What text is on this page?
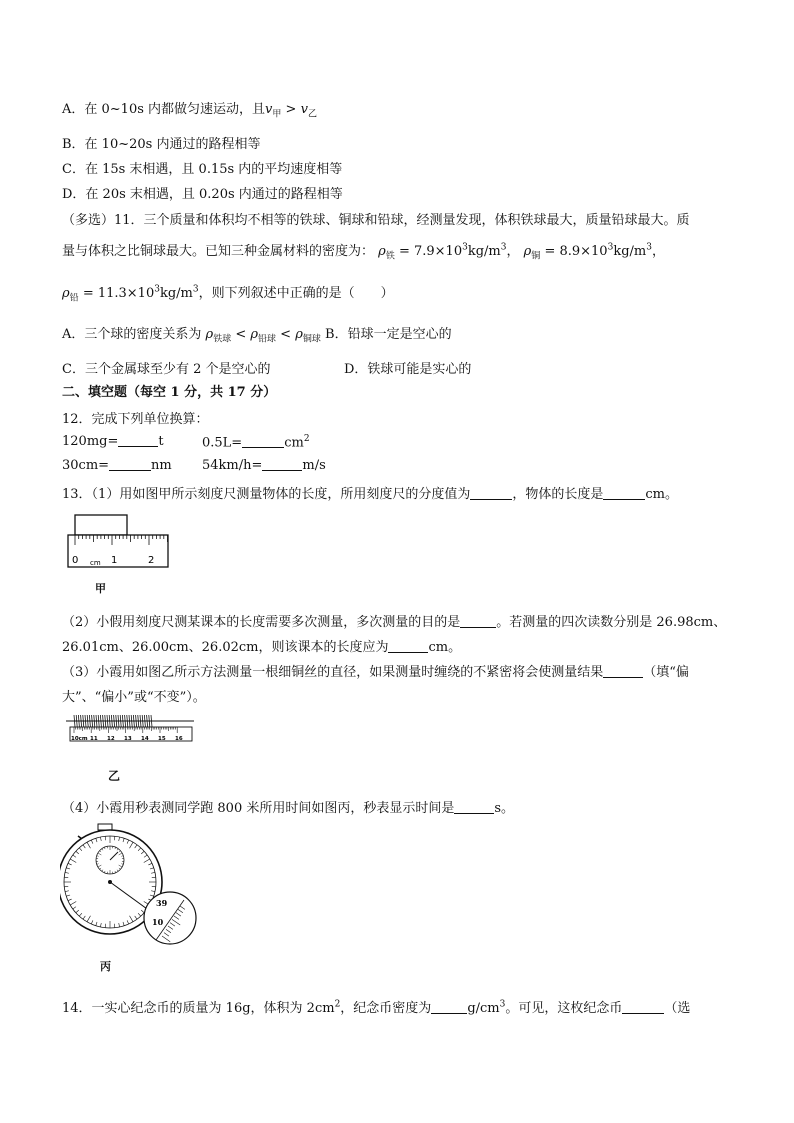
A．在 0~10s 内都做匀速运动，且$v_甲 > v_乙$
B．在 10~20s 内通过的路程相等
C．在 15s 末相遇，且 0.15s 内的平均速度相等
D．在 20s 末相遇，且 0.20s 内通过的路程相等
（多选）11．三个质量和体积均不相等的铁球、铜球和铅球，经测量发现，体积铁球最大，质量铅球最大。质
量与体积之比铜球最大。已知三种金属材料的密度为： $\rho_铁 = 7.9\times 10^3kg/m^3$， $\rho_铜 = 8.9\times 10^3kg/m^3$，
$\rho_铅 = 11.3\times 10^3kg/m^3$，则下列叙述中正确的是（　　）
A．三个球的密度关系为 $\rho_{铁球} < \rho_{铅球} < \rho_{铜球}$ B．铅球一定是空心的
C．三个金属球至少有 2 个是空心的	D．铁球可能是实心的
二、填空题（每空 1 分，共 17 分）
12．完成下列单位换算：
120mg=	t	0.5L=	$cm^2$
30cm=	nm 54km/h=	m/s
13．（1）用如图甲所示刻度尺测量物体的长度，所用刻度尺的分度值为	，物体的长度是	cm。
0 cm 1	2
甲
（2）小假用刻度尺测某课本的长度需要多次测量，多次测量的目的是	。若测量的四次读数分别是 26.98cm、
26.01cm、26.00cm、26.02cm，则该课本的长度应为	cm。
（3）小霞用如图乙所示方法测量一根细铜丝的直径，如果测量时缠绕的不紧密将会使测量结果	（填“偏
大”、“偏小”或“不变”）。
10cm 11 12 13 14 15 16
乙
（4）小霞用秒表测同学跑 800 米所用时间如图丙，秒表显示时间是	s。
39
10
丙
14．一实心纪念币的质量为 16g，体积为 $2cm^2$，纪念币密度为	$g/cm^3$。可见，这枚纪念币	（选
